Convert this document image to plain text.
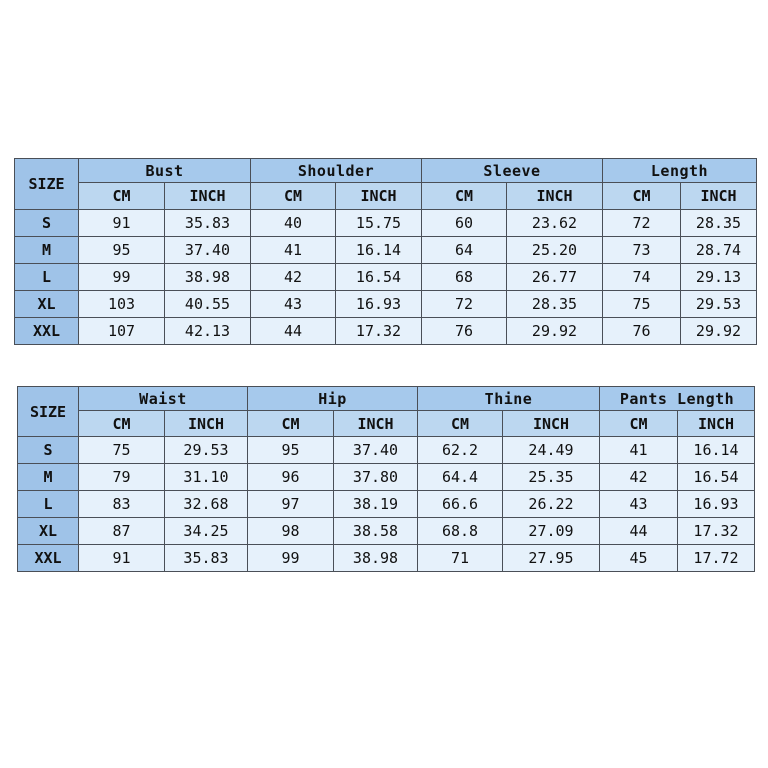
SIZE	Bust		Shoulder		Sleeve		Length	
	CM	INCH	CM	INCH	CM	INCH	CM	INCH
S	91	35.83	40	15.75	60	23.62	72	28.35
M	95	37.40	41	16.14	64	25.20	73	28.74
L	99	38.98	42	16.54	68	26.77	74	29.13
XL	103	40.55	43	16.93	72	28.35	75	29.53
XXL	107	42.13	44	17.32	76	29.92	76	29.92
SIZE	Waist		Hip		Thine		Pants Length	
	CM	INCH	CM	INCH	CM	INCH	CM	INCH
S	75	29.53	95	37.40	62.2	24.49	41	16.14
M	79	31.10	96	37.80	64.4	25.35	42	16.54
L	83	32.68	97	38.19	66.6	26.22	43	16.93
XL	87	34.25	98	38.58	68.8	27.09	44	17.32
XXL	91	35.83	99	38.98	71	27.95	45	17.72
